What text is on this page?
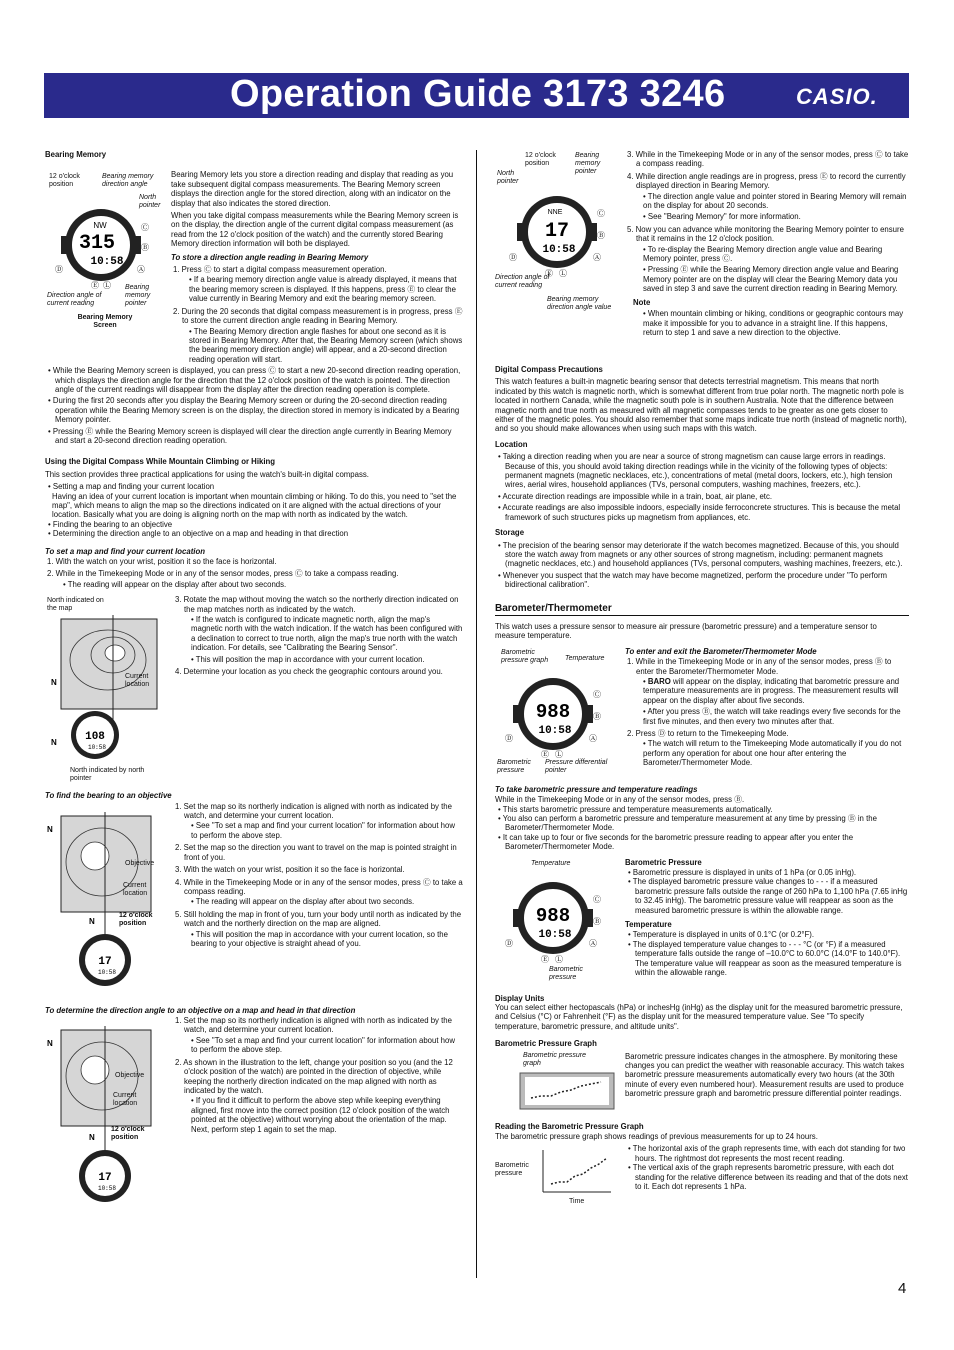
Operation Guide 3173 3246	CASIO.
Bearing Memory
12 o'clock position
Bearing memory direction angle
North pointer
NW
315
10:58
Ⓒ
Ⓑ
Ⓐ
Ⓓ
Ⓔ Ⓛ
Direction angle of current reading
Bearing memory pointer
Bearing Memory Screen

Bearing Memory lets you store a direction reading and display that reading as you take subsequent digital compass measurements. The Bearing Memory screen displays the direction angle for the stored direction, along with an indicator on the display that also indicates the stored direction.

When you take digital compass measurements while the Bearing Memory screen is on the display, the direction angle of the current digital compass measurement (as read from the 12 o'clock position of the watch) and the currently stored Bearing Memory direction information will both be displayed.

To store a direction angle reading in Bearing Memory
1. Press Ⓒ to start a digital compass measurement operation.
• If a bearing memory direction angle value is already displayed, it means that the bearing memory screen is displayed. If this happens, press Ⓔ to clear the value currently in Bearing Memory and exit the bearing memory screen.
2. During the 20 seconds that digital compass measurement is in progress, press Ⓔ to store the current direction angle reading in Bearing Memory.
• The Bearing Memory direction angle flashes for about one second as it is stored in Bearing Memory. After that, the Bearing Memory screen (which shows the bearing memory direction angle) will appear, and a 20-second direction reading operation will start.
• While the Bearing Memory screen is displayed, you can press Ⓒ to start a new 20-second direction reading operation, which displays the direction angle for the direction that the 12 o'clock position of the watch is pointed. The direction angle of the current readings will disappear from the display after the direction reading operation is complete.
• During the first 20 seconds after you display the Bearing Memory screen or during the 20-second direction reading operation while the Bearing Memory screen is on the display, the direction stored in memory is indicated by a Bearing Memory pointer.
• Pressing Ⓔ while the Bearing Memory screen is displayed will clear the direction angle currently in Bearing Memory and start a 20-second direction reading operation.
Using the Digital Compass While Mountain Climbing or Hiking

This section provides three practical applications for using the watch's built-in digital compass.

• Setting a map and finding your current location
Having an idea of your current location is important when mountain climbing or hiking. To do this, you need to "set the map", which means to align the map so the directions indicated on it are aligned with the actual directions of your location. Basically what you are doing is aligning north on the map with north as indicated by the watch.
• Finding the bearing to an objective
• Determining the direction angle to an objective on a map and heading in that direction
To set a map and find your current location
1. With the watch on your wrist, position it so the face is horizontal.
2. While in the Timekeeping Mode or in any of the sensor modes, press Ⓒ to take a compass reading.
• The reading will appear on the display after about two seconds.
North indicated on the map
108
10:58
N
N
Current location
North indicated by north pointer
3. Rotate the map without moving the watch so the northerly direction indicated on the map matches north as indicated by the watch.
• If the watch is configured to indicate magnetic north, align the map's magnetic north with the watch indication. If the watch has been configured with a declination to correct to true north, align the map's true north with the watch indication. For details, see "Calibrating the Bearing Sensor".
• This will position the map in accordance with your current location.
4. Determine your location as you check the geographic contours around you.
To find the bearing to an objective
17
10:58
N
N
Objective
Current location
12 o'clock position
1. Set the map so its northerly indication is aligned with north as indicated by the watch, and determine your current location.
• See "To set a map and find your current location" for information about how to perform the above step.
2. Set the map so the direction you want to travel on the map is pointed straight in front of you.
3. With the watch on your wrist, position it so the face is horizontal.
4. While in the Timekeeping Mode or in any of the sensor modes, press Ⓒ to take a compass reading.
• The reading will appear on the display after about two seconds.
5. Still holding the map in front of you, turn your body until north as indicated by the watch and the northerly direction on the map are aligned.
• This will position the map in accordance with your current location, so the bearing to your objective is straight ahead of you.
To determine the direction angle to an objective on a map and head in that direction
17
10:58
N
N
Objective
Current location
12 o'clock position
1. Set the map so its northerly indication is aligned with north as indicated by the watch, and determine your current location.
• See "To set a map and find your current location" for information about how to perform the above step.
2. As shown in the illustration to the left, change your position so you (and the 12 o'clock position of the watch) are pointed in the direction of objective, while keeping the northerly direction indicated on the map aligned with north as indicated by the watch.
• If you find it difficult to perform the above step while keeping everything aligned, first move into the correct position (12 o'clock position of the watch pointed at the objective) without worrying about the orientation of the map. Next, perform step 1 again to set the map.
12 o'clock position
Bearing memory pointer
North pointer
NNE
17
10:58
Ⓒ
Ⓑ
Ⓐ
Ⓓ
Ⓔ Ⓛ
Direction angle of current reading
Bearing memory direction angle value
3. While in the Timekeeping Mode or in any of the sensor modes, press Ⓒ to take a compass reading.
4. While direction angle readings are in progress, press Ⓔ to record the currently displayed direction in Bearing Memory.
• The direction angle value and pointer stored in Bearing Memory will remain on the display for about 20 seconds.
• See "Bearing Memory" for more information.
5. Now you can advance while monitoring the Bearing Memory pointer to ensure that it remains in the 12 o'clock position.
• To re-display the Bearing Memory direction angle value and Bearing Memory pointer, press Ⓒ.
• Pressing Ⓔ while the Bearing Memory direction angle value and Bearing Memory pointer are on the display will clear the Bearing Memory data you saved in step 3 and save the current direction reading in Bearing Memory.
Note
• When mountain climbing or hiking, conditions or geographic contours may make it impossible for you to advance in a straight line. If this happens, return to step 1 and save a new direction to the objective.
Digital Compass Precautions

This watch features a built-in magnetic bearing sensor that detects terrestrial magnetism. This means that north indicated by this watch is magnetic north, which is somewhat different from true polar north. The magnetic north pole is located in northern Canada, while the magnetic south pole is in southern Australia. Note that the difference between magnetic north and true north as measured with all magnetic compasses tends to be greater as one gets closer to either of the magnetic poles. You should also remember that some maps indicate true north (instead of magnetic north), and so you should make allowances when using such maps with this watch.

Location
• Taking a direction reading when you are near a source of strong magnetism can cause large errors in readings. Because of this, you should avoid taking direction readings while in the vicinity of the following types of objects: permanent magnets (magnetic necklaces, etc.), concentrations of metal (metal doors, lockers, etc.), high tension wires, aerial wires, household appliances (TVs, personal computers, washing machines, freezers, etc.).
• Accurate direction readings are impossible while in a train, boat, air plane, etc.
• Accurate readings are also impossible indoors, especially inside ferroconcrete structures. This is because the metal framework of such structures picks up magnetism from appliances, etc.
Storage
• The precision of the bearing sensor may deteriorate if the watch becomes magnetized. Because of this, you should store the watch away from magnets or any other sources of strong magnetism, including: permanent magnets (magnetic necklaces, etc.) and household appliances (TVs, personal computers, washing machines, freezers, etc.).
• Whenever you suspect that the watch may have become magnetized, perform the procedure under "To perform bidirectional calibration".
Barometer/Thermometer

This watch uses a pressure sensor to measure air pressure (barometric pressure) and a temperature sensor to measure temperature.

Barometric pressure graph	Temperature
988
10:58
Ⓒ
Ⓑ
Ⓐ
Ⓓ
Ⓔ Ⓛ
Barometric pressure
Pressure differential pointer
To enter and exit the Barometer/Thermometer Mode
1. While in the Timekeeping Mode or in any of the sensor modes, press Ⓑ to enter the Barometer/Thermometer Mode.
• BARO will appear on the display, indicating that barometric pressure and temperature measurements are in progress. The measurement results will appear on the display after about five seconds.
• After you press Ⓑ, the watch will take readings every five seconds for the first five minutes, and then every two minutes after that.
2. Press Ⓓ to return to the Timekeeping Mode.
• The watch will return to the Timekeeping Mode automatically if you do not perform any operation for about one hour after entering the Barometer/Thermometer Mode.
To take barometric pressure and temperature readings

While in the Timekeeping Mode or in any of the sensor modes, press Ⓑ.

• This starts barometric pressure and temperature measurements automatically.
• You also can perform a barometric pressure and temperature measurement at any time by pressing Ⓑ in the Barometer/Thermometer Mode.
• It can take up to four or five seconds for the barometric pressure reading to appear after you enter the Barometer/Thermometer Mode.
Temperature
988
10:58
Ⓒ
Ⓑ
Ⓐ
Ⓓ
Ⓔ Ⓛ
Barometric pressure
Barometric Pressure
• Barometric pressure is displayed in units of 1 hPa (or 0.05 inHg).
• The displayed barometric pressure value changes to - - - if a measured barometric pressure falls outside the range of 260 hPa to 1,100 hPa (7.65 inHg to 32.45 inHg). The barometric pressure value will reappear as soon as the measured barometric pressure is within the allowable range.
Temperature
• Temperature is displayed in units of 0.1°C (or 0.2°F).
• The displayed temperature value changes to - - - °C (or °F) if a measured temperature falls outside the range of –10.0°C to 60.0°C (14.0°F to 140.0°F). The temperature value will reappear as soon as the measured temperature is within the allowable range.
Display Units

You can select either hectopascals (hPa) or inchesHg (inHg) as the display unit for the measured barometric pressure, and Celsius (°C) or Fahrenheit (°F) as the display unit for the measured temperature value. See "To specify temperature, barometric pressure, and altitude units".

Barometric Pressure Graph
Barometric pressure graph

Barometric pressure indicates changes in the atmosphere. By monitoring these changes you can predict the weather with reasonable accuracy. This watch takes barometric pressure measurements automatically every two hours (at the 30th minute of every even numbered hour). Measurement results are used to produce barometric pressure graph and barometric pressure differential pointer readings.

Reading the Barometric Pressure Graph

The barometric pressure graph shows readings of previous measurements for up to 24 hours.

Barometric pressure
Time
• The horizontal axis of the graph represents time, with each dot standing for two hours. The rightmost dot represents the most recent reading.
• The vertical axis of the graph represents barometric pressure, with each dot standing for the relative difference between its reading and that of the dots next to it. Each dot represents 1 hPa.
4
